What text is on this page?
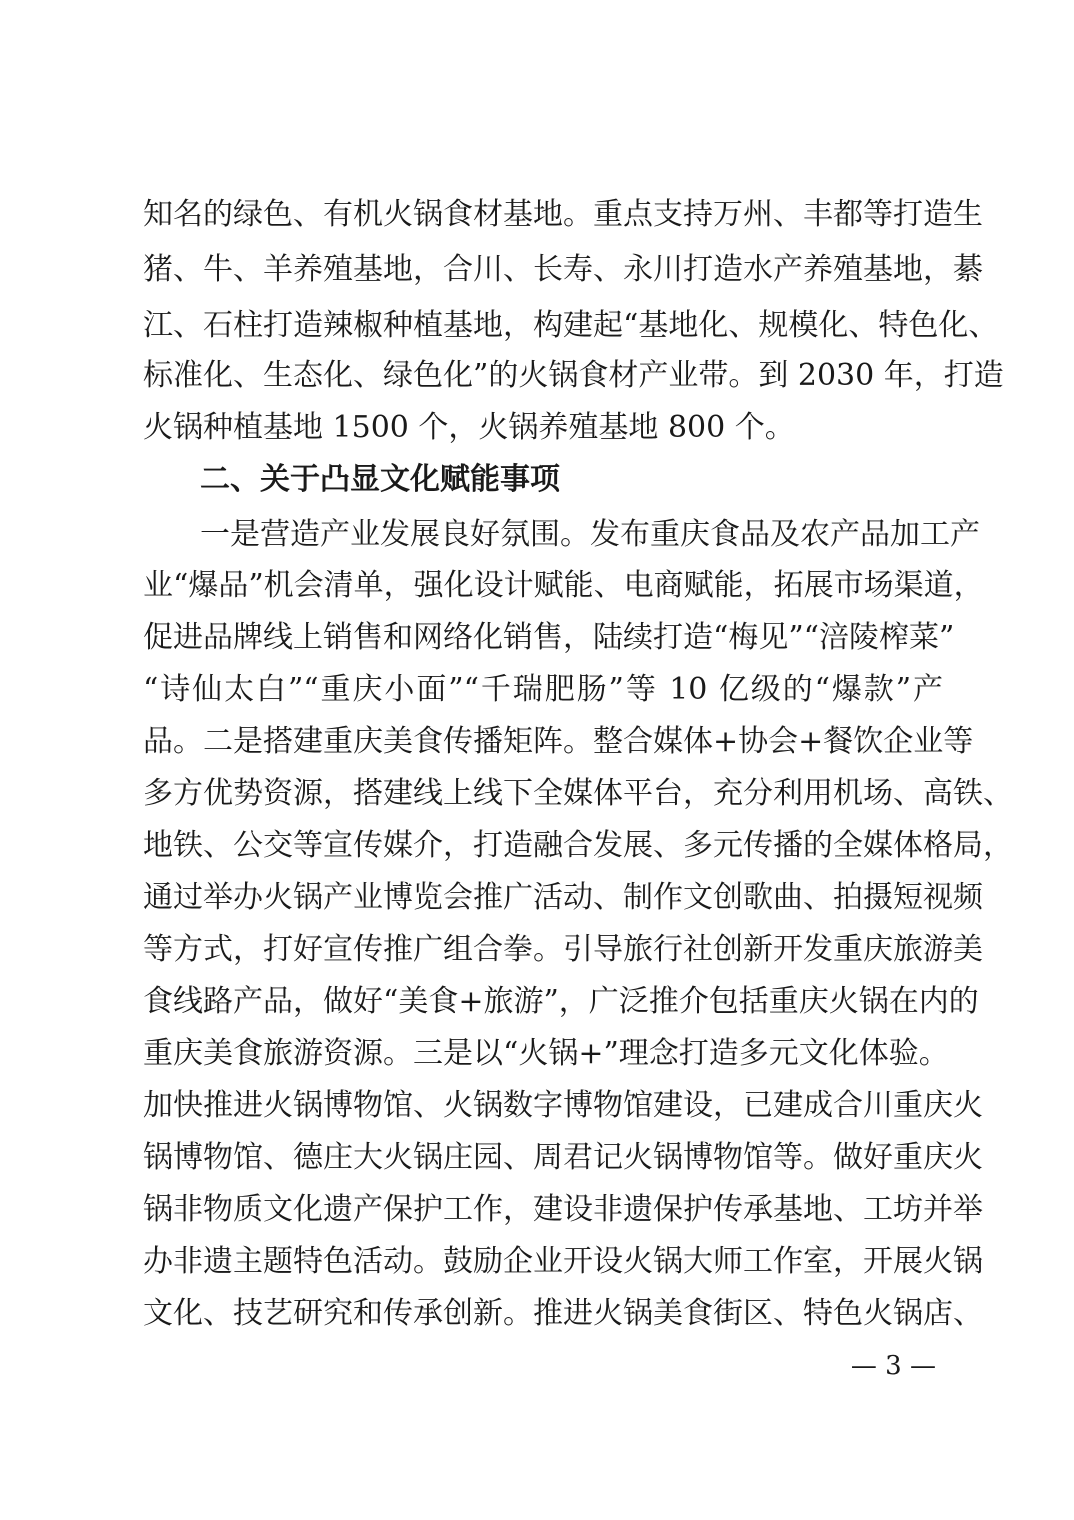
知名的绿色、有机火锅食材基地。重点支持万州、丰都等打造生
猪、牛、羊养殖基地，合川、长寿、永川打造水产养殖基地，綦
江、石柱打造辣椒种植基地，构建起“基地化、规模化、特色化、
标准化、生态化、绿色化”的火锅食材产业带。到 2030 年，打造
火锅种植基地 1500 个，火锅养殖基地 800 个。
二、关于凸显文化赋能事项
一是营造产业发展良好氛围。发布重庆食品及农产品加工产
业“爆品”机会清单，强化设计赋能、电商赋能，拓展市场渠道，
促进品牌线上销售和网络化销售，陆续打造“梅见”“涪陵榨菜”
“诗仙太白”“重庆小面”“千瑞肥肠”等 10 亿级的“爆款”产
品。二是搭建重庆美食传播矩阵。整合媒体+协会+餐饮企业等
多方优势资源，搭建线上线下全媒体平台，充分利用机场、高铁、
地铁、公交等宣传媒介，打造融合发展、多元传播的全媒体格局，
通过举办火锅产业博览会推广活动、制作文创歌曲、拍摄短视频
等方式，打好宣传推广组合拳。引导旅行社创新开发重庆旅游美
食线路产品，做好“美食+旅游”，广泛推介包括重庆火锅在内的
重庆美食旅游资源。三是以“火锅+”理念打造多元文化体验。
加快推进火锅博物馆、火锅数字博物馆建设，已建成合川重庆火
锅博物馆、德庄大火锅庄园、周君记火锅博物馆等。做好重庆火
锅非物质文化遗产保护工作，建设非遗保护传承基地、工坊并举
办非遗主题特色活动。鼓励企业开设火锅大师工作室，开展火锅
文化、技艺研究和传承创新。推进火锅美食街区、特色火锅店、
— 3 —
